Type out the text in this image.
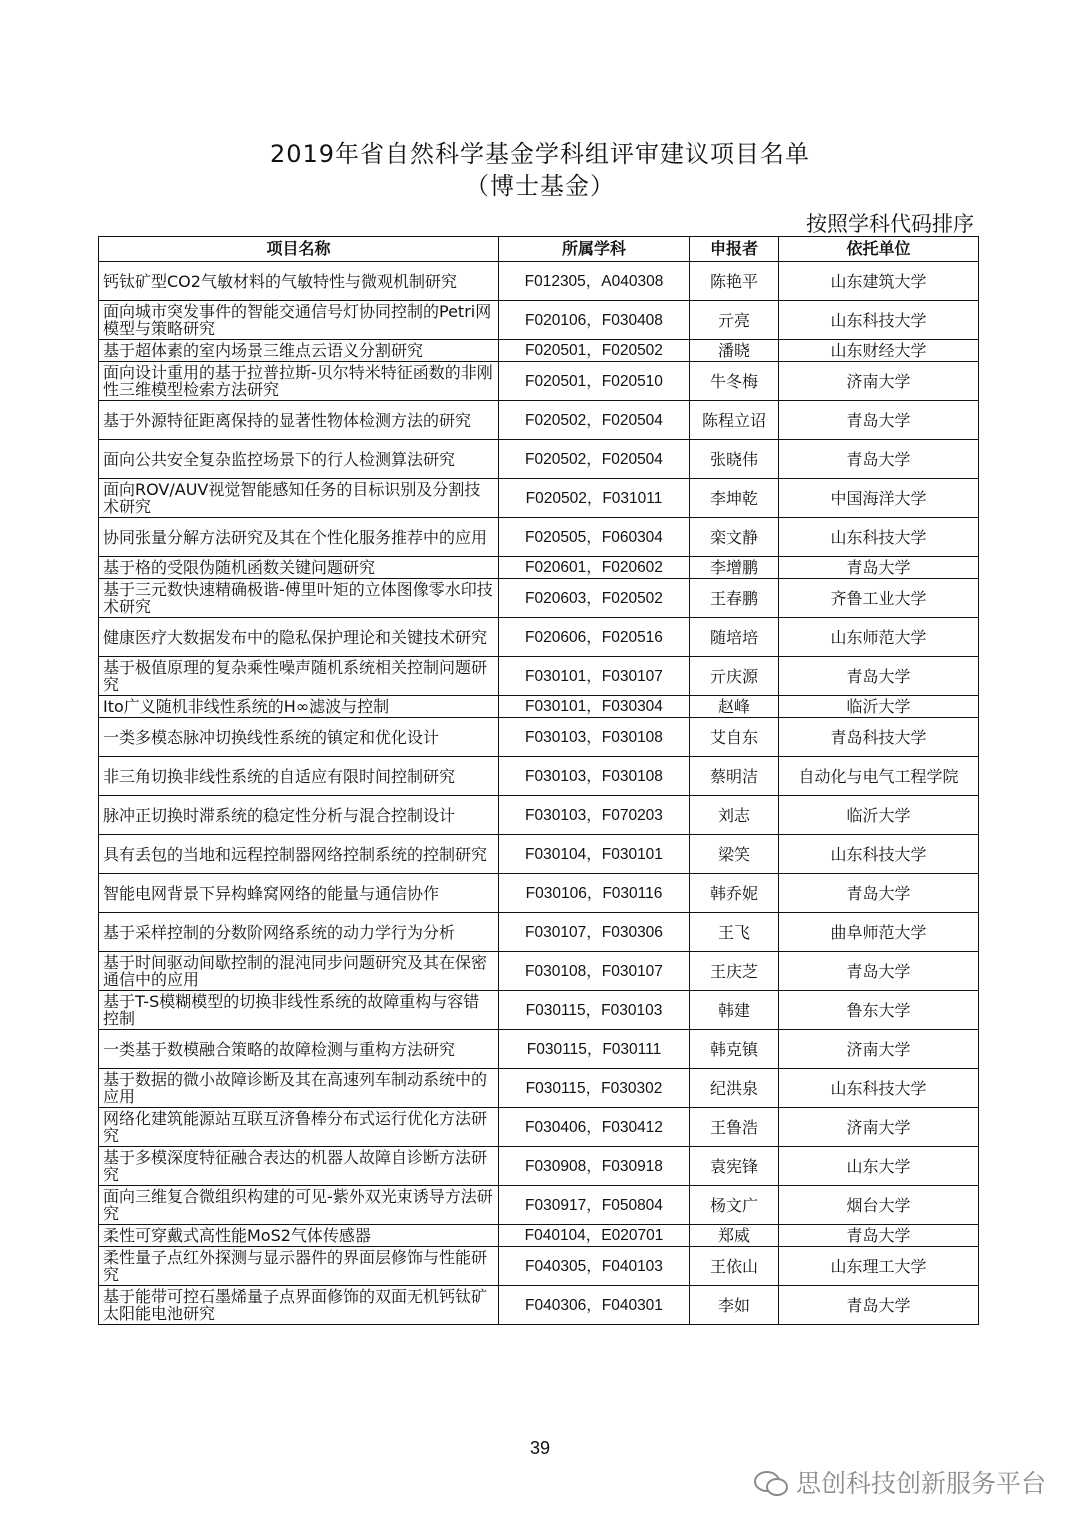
2019年省自然科学基金学科组评审建议项目名单
（博士基金）
按照学科代码排序
项目名称	所属学科	申报者	依托单位

钙钛矿型CO2气敏材料的气敏特性与微观机制研究	F012305，A040308	陈艳平	山东建筑大学

面向城市突发事件的智能交通信号灯协同控制的Petri网模型与策略研究	F020106，F030408	亓亮	山东科技大学

基于超体素的室内场景三维点云语义分割研究	F020501，F020502	潘晓	山东财经大学

面向设计重用的基于拉普拉斯-贝尔特米特征函数的非刚性三维模型检索方法研究	F020501，F020510	牛冬梅	济南大学

基于外源特征距离保持的显著性物体检测方法的研究	F020502，F020504	陈程立诏	青岛大学

面向公共安全复杂监控场景下的行人检测算法研究	F020502，F020504	张晓伟	青岛大学

面向ROV/AUV视觉智能感知任务的目标识别及分割技术研究	F020502，F031011	李坤乾	中国海洋大学

协同张量分解方法研究及其在个性化服务推荐中的应用	F020505，F060304	栾文静	山东科技大学

基于格的受限伪随机函数关键问题研究	F020601，F020602	李增鹏	青岛大学

基于三元数快速精确极谐-傅里叶矩的立体图像零水印技术研究	F020603，F020502	王春鹏	齐鲁工业大学

健康医疗大数据发布中的隐私保护理论和关键技术研究	F020606，F020516	随培培	山东师范大学

基于极值原理的复杂乘性噪声随机系统相关控制问题研究	F030101，F030107	亓庆源	青岛大学

Ito广义随机非线性系统的H∞滤波与控制	F030101，F030304	赵峰	临沂大学

一类多模态脉冲切换线性系统的镇定和优化设计	F030103，F030108	艾自东	青岛科技大学

非三角切换非线性系统的自适应有限时间控制研究	F030103，F030108	蔡明洁	自动化与电气工程学院

脉冲正切换时滞系统的稳定性分析与混合控制设计	F030103，F070203	刘志	临沂大学

具有丢包的当地和远程控制器网络控制系统的控制研究	F030104，F030101	梁笑	山东科技大学

智能电网背景下异构蜂窝网络的能量与通信协作	F030106，F030116	韩乔妮	青岛大学

基于采样控制的分数阶网络系统的动力学行为分析	F030107，F030306	王飞	曲阜师范大学

基于时间驱动间歇控制的混沌同步问题研究及其在保密通信中的应用	F030108，F030107	王庆芝	青岛大学

基于T-S模糊模型的切换非线性系统的故障重构与容错控制	F030115，F030103	韩建	鲁东大学

一类基于数模融合策略的故障检测与重构方法研究	F030115，F030111	韩克镇	济南大学

基于数据的微小故障诊断及其在高速列车制动系统中的应用	F030115，F030302	纪洪泉	山东科技大学

网络化建筑能源站互联互济鲁棒分布式运行优化方法研究	F030406，F030412	王鲁浩	济南大学

基于多模深度特征融合表达的机器人故障自诊断方法研究	F030908，F030918	袁宪锋	山东大学

面向三维复合微组织构建的可见-紫外双光束诱导方法研究	F030917，F050804	杨文广	烟台大学

柔性可穿戴式高性能MoS2气体传感器	F040104，E020701	郑威	青岛大学

柔性量子点红外探测与显示器件的界面层修饰与性能研究	F040305，F040103	王依山	山东理工大学

基于能带可控石墨烯量子点界面修饰的双面无机钙钛矿太阳能电池研究	F040306，F040301	李如	青岛大学
39
思创科技创新服务平台
